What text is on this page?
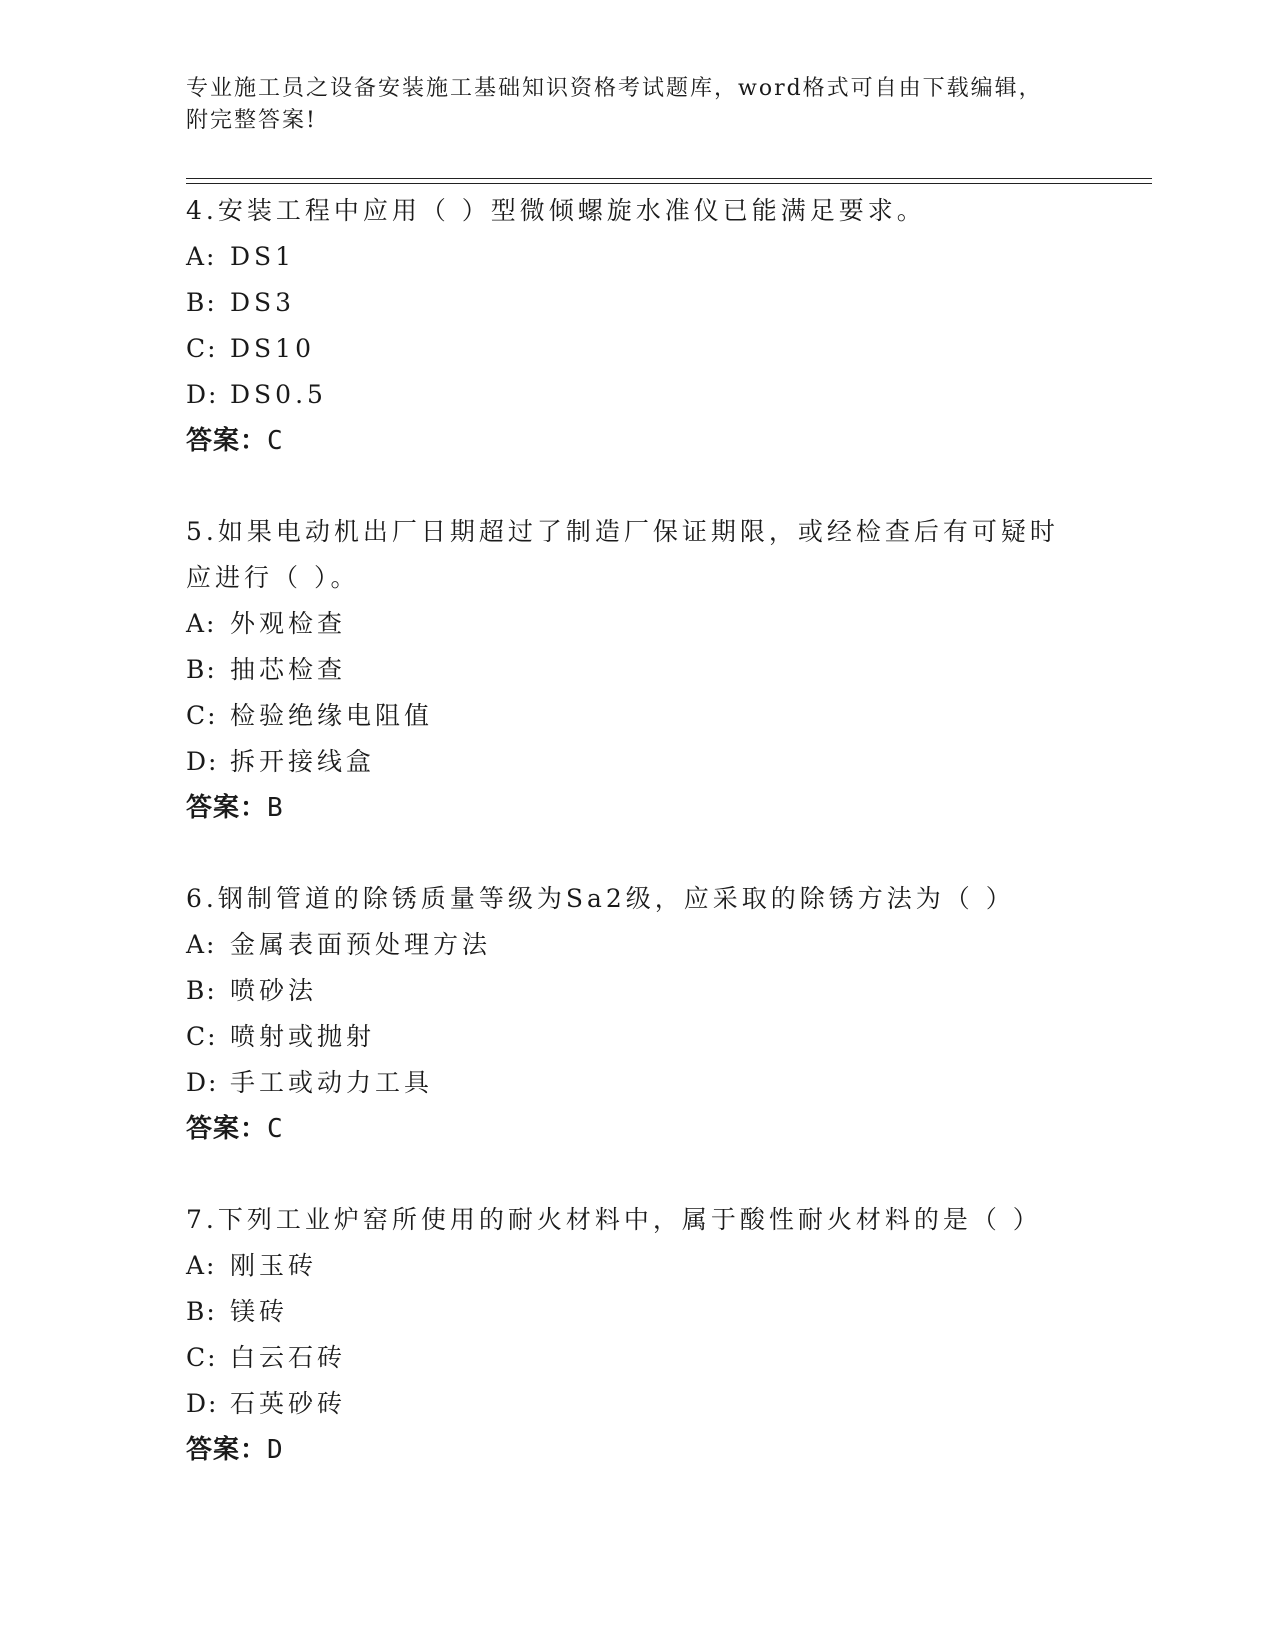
专业施工员之设备安装施工基础知识资格考试题库，word格式可自由下载编辑，
附完整答案!

4.安装工程中应用（ ）型微倾螺旋水准仪已能满足要求。

A: DS1

B: DS3

C: DS10

D: DS0.5

答案：C

5.如果电动机出厂日期超过了制造厂保证期限，或经检查后有可疑时

应进行（ ）。

A: 外观检查

B: 抽芯检查

C: 检验绝缘电阻值

D: 拆开接线盒

答案：B

6.钢制管道的除锈质量等级为Sa2级，应采取的除锈方法为（ ）

A: 金属表面预处理方法

B: 喷砂法

C: 喷射或抛射

D: 手工或动力工具

答案：C

7.下列工业炉窑所使用的耐火材料中，属于酸性耐火材料的是（ ）

A: 刚玉砖

B: 镁砖

C: 白云石砖

D: 石英砂砖

答案：D
